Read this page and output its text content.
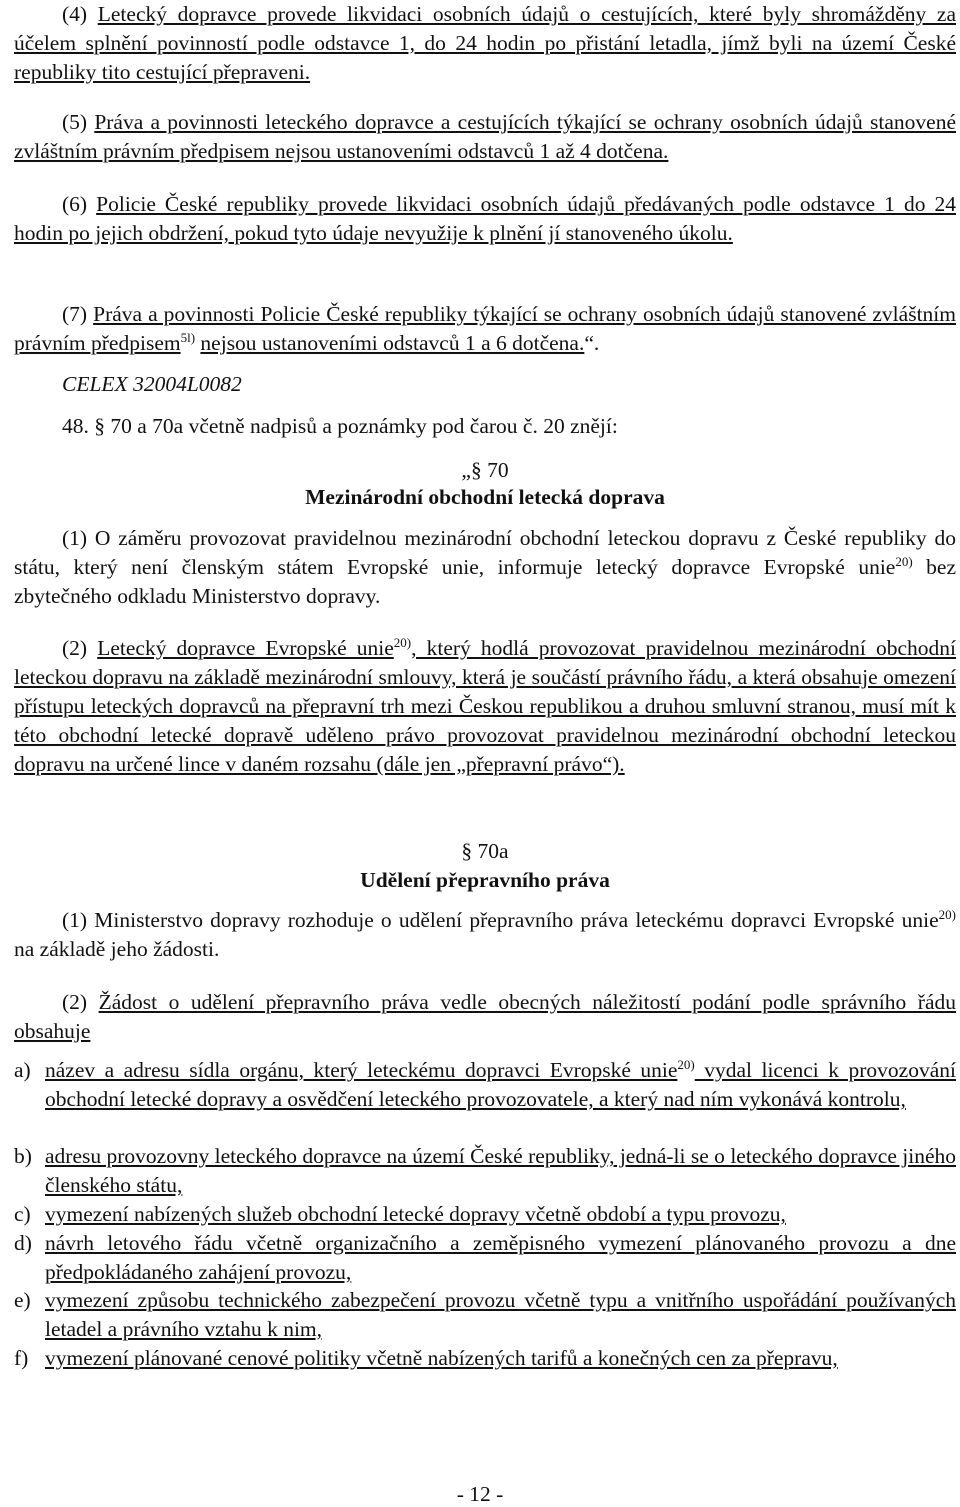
(4) Letecký dopravce provede likvidaci osobních údajů o cestujících, které byly shromážděny za účelem splnění povinností podle odstavce 1, do 24 hodin po přistání letadla, jímž byli na území České republiky tito cestující přepraveni.
(5) Práva a povinnosti leteckého dopravce a cestujících týkající se ochrany osobních údajů stanovené zvláštním právním předpisem nejsou ustanoveními odstavců 1 až 4 dotčena.
(6) Policie České republiky provede likvidaci osobních údajů předávaných podle odstavce 1 do 24 hodin po jejich obdržení, pokud tyto údaje nevyužije k plnění jí stanoveného úkolu.
(7) Práva a povinnosti Policie České republiky týkající se ochrany osobních údajů stanovené zvláštním právním předpisem$^{5l)}$ nejsou ustanoveními odstavců 1 a 6 dotčena.“.
CELEX 32004L0082
48. § 70 a 70a včetně nadpisů a poznámky pod čarou č. 20 znějí:
„§ 70
Mezinárodní obchodní letecká doprava
(1) O záměru provozovat pravidelnou mezinárodní obchodní leteckou dopravu z České republiky do státu, který není členským státem Evropské unie, informuje letecký dopravce Evropské unie$^{20)}$ bez zbytečného odkladu Ministerstvo dopravy.
(2) Letecký dopravce Evropské unie$^{20)}$, který hodlá provozovat pravidelnou mezinárodní obchodní leteckou dopravu na základě mezinárodní smlouvy, která je součástí právního řádu, a která obsahuje omezení přístupu leteckých dopravců na přepravní trh mezi Českou republikou a druhou smluvní stranou, musí mít k této obchodní letecké dopravě uděleno právo provozovat pravidelnou mezinárodní obchodní leteckou dopravu na určené lince v daném rozsahu (dále jen „přepravní právo“).
§ 70a
Udělení přepravního práva
(1) Ministerstvo dopravy rozhoduje o udělení přepravního práva leteckému dopravci Evropské unie$^{20)}$ na základě jeho žádosti.
(2) Žádost o udělení přepravního práva vedle obecných náležitostí podání podle správního řádu obsahuje
a) název a adresu sídla orgánu, který leteckému dopravci Evropské unie$^{20)}$ vydal licenci k provozování obchodní letecké dopravy a osvědčení leteckého provozovatele, a který nad ním vykonává kontrolu,
b) adresu provozovny leteckého dopravce na území České republiky, jedná-li se o leteckého dopravce jiného členského státu,
c) vymezení nabízených služeb obchodní letecké dopravy včetně období a typu provozu,
d) návrh letového řádu včetně organizačního a zeměpisného vymezení plánovaného provozu a dne předpokládaného zahájení provozu,
e) vymezení způsobu technického zabezpečení provozu včetně typu a vnitřního uspořádání používaných letadel a právního vztahu k nim,
f) vymezení plánované cenové politiky včetně nabízených tarifů a konečných cen za přepravu,
- 12 -
